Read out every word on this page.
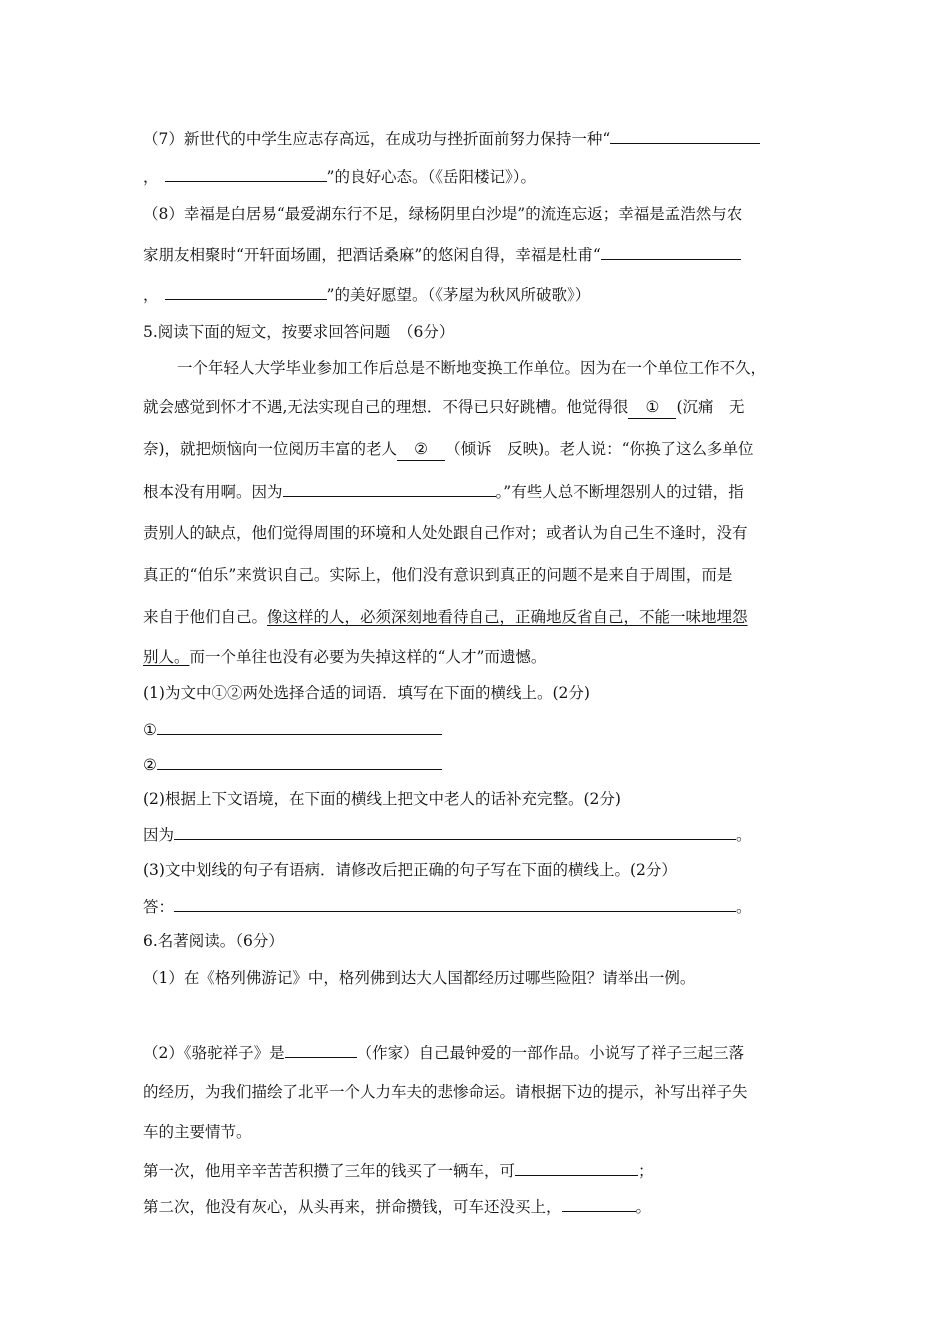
（7）新世代的中学生应志存高远，在成功与挫折面前努力保持一种“
，	”的良好心态。（《岳阳楼记》）。
（8）幸福是白居易“最爱湖东行不足，绿杨阴里白沙堤”的流连忘返；幸福是孟浩然与农
家朋友相聚时“开轩面场圃，把酒话桑麻”的悠闲自得，幸福是杜甫“
，	”的美好愿望。（《茅屋为秋风所破歌》）
5.阅读下面的短文，按要求回答问题　（6分）
一个年轻人大学毕业参加工作后总是不断地变换工作单位。因为在一个单位工作不久，
就会感觉到怀才不遇,无法实现自己的理想．不得已只好跳槽。他觉得很 ① (沉痛　无
奈)，就把烦恼向一位阅历丰富的老人 ② （倾诉　反映)。老人说：“你换了这么多单位
根本没有用啊。因为	。”有些人总不断埋怨别人的过错，指
责别人的缺点，他们觉得周围的环境和人处处跟自己作对；或者认为自己生不逢时，没有
真正的“伯乐”来赏识自己。实际上，他们没有意识到真正的问题不是来自于周围，而是
来自于他们自己。像这样的人，必须深刻地看待自己，正确地反省自己，不能一味地埋怨
别人。而一个单往也没有必要为失掉这样的“人才”而遗憾。
(1)为文中①②两处选择合适的词语．填写在下面的横线上。(2分)
①
②
(2)根据上下文语境，在下面的横线上把文中老人的话补充完整。(2分)
因为	。
(3)文中划线的句子有语病．请修改后把正确的句子写在下面的横线上。(2分）
答：	。
6.名著阅读。（6分）
（1）在《格列佛游记》中，格列佛到达大人国都经历过哪些险阻？请举出一例。
（2）《骆驼祥子》是	（作家）自己最钟爱的一部作品。小说写了祥子三起三落
的经历，为我们描绘了北平一个人力车夫的悲惨命运。请根据下边的提示，补写出祥子失
车的主要情节。
第一次，他用辛辛苦苦积攒了三年的钱买了一辆车，可	；
第二次，他没有灰心，从头再来，拼命攒钱，可车还没买上，	。
